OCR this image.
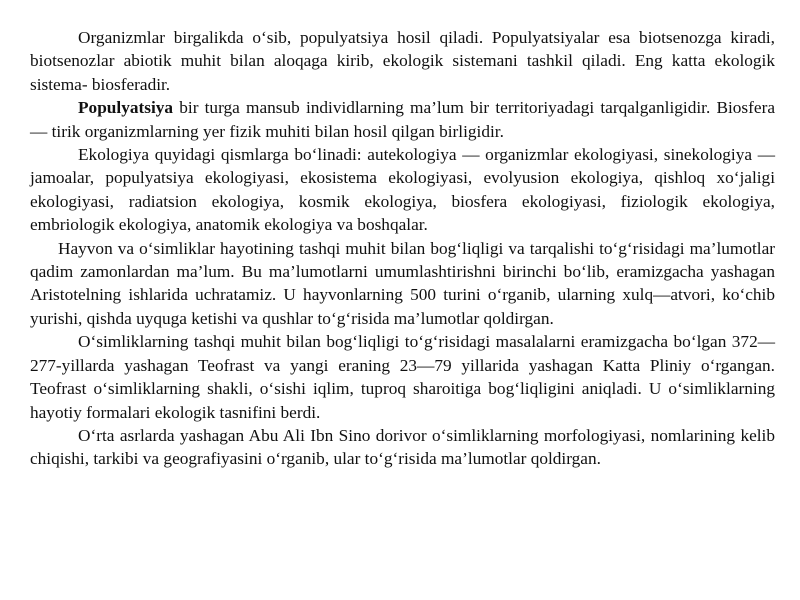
Organizmlar birgalikda o‘sib, populyatsiya hosil qiladi. Populyatsiyalar esa biotsenozga kiradi, biotsenozlar abiotik muhit bilan aloqaga kirib, ekologik sistemani tashkil qiladi. Eng katta ekologik sistema- biosferadir.

Populyatsiya bir turga mansub individlarning ma’lum bir territoriyadagi tarqalganligidir. Biosfera — tirik organizmlarning yer fizik muhiti bilan hosil qilgan birligidir.

Ekologiya quyidagi qismlarga bo‘linadi: autekologiya — organizmlar ekologiyasi, sinekologiya —jamoalar, populyatsiya ekologiyasi, ekosistema ekologiyasi, evolyusion ekologiya, qishloq xo‘jaligi ekologiyasi, radiatsion ekologiya, kosmik ekologiya, biosfera ekologiyasi, fiziologik ekologiya, embriologik ekologiya, anatomik ekologiya va boshqalar.

Hayvon va o‘simliklar hayotining tashqi muhit bilan bog‘liqligi va tarqalishi to‘g‘risidagi ma’lumotlar qadim zamonlardan ma’lum. Bu ma’lumotlarni umumlashtirishni birinchi bo‘lib, eramizgacha yashagan Aristotelning ishlarida uchratamiz. U hayvonlarning 500 turini o‘rganib, ularning xulq—atvori, ko‘chib yurishi, qishda uyquga ketishi va qushlar to‘g‘risida ma’lumotlar qoldirgan.

O‘simliklarning tashqi muhit bilan bog‘liqligi to‘g‘risidagi masalalarni eramizgacha bo‘lgan 372—277-yillarda yashagan Teofrast va yangi eraning 23—79 yillarida yashagan Katta Pliniy o‘rgangan. Teofrast o‘simliklarning shakli, o‘sishi iqlim, tuproq sharoitiga bog‘liqligini aniqladi. U o‘simliklarning hayotiy formalari ekologik tasnifini berdi.

O‘rta asrlarda yashagan Abu Ali Ibn Sino dorivor o‘simliklarning morfologiyasi, nomlarining kelib chiqishi, tarkibi va geografiyasini o‘rganib, ular to‘g‘risida ma’lumotlar qoldirgan.
